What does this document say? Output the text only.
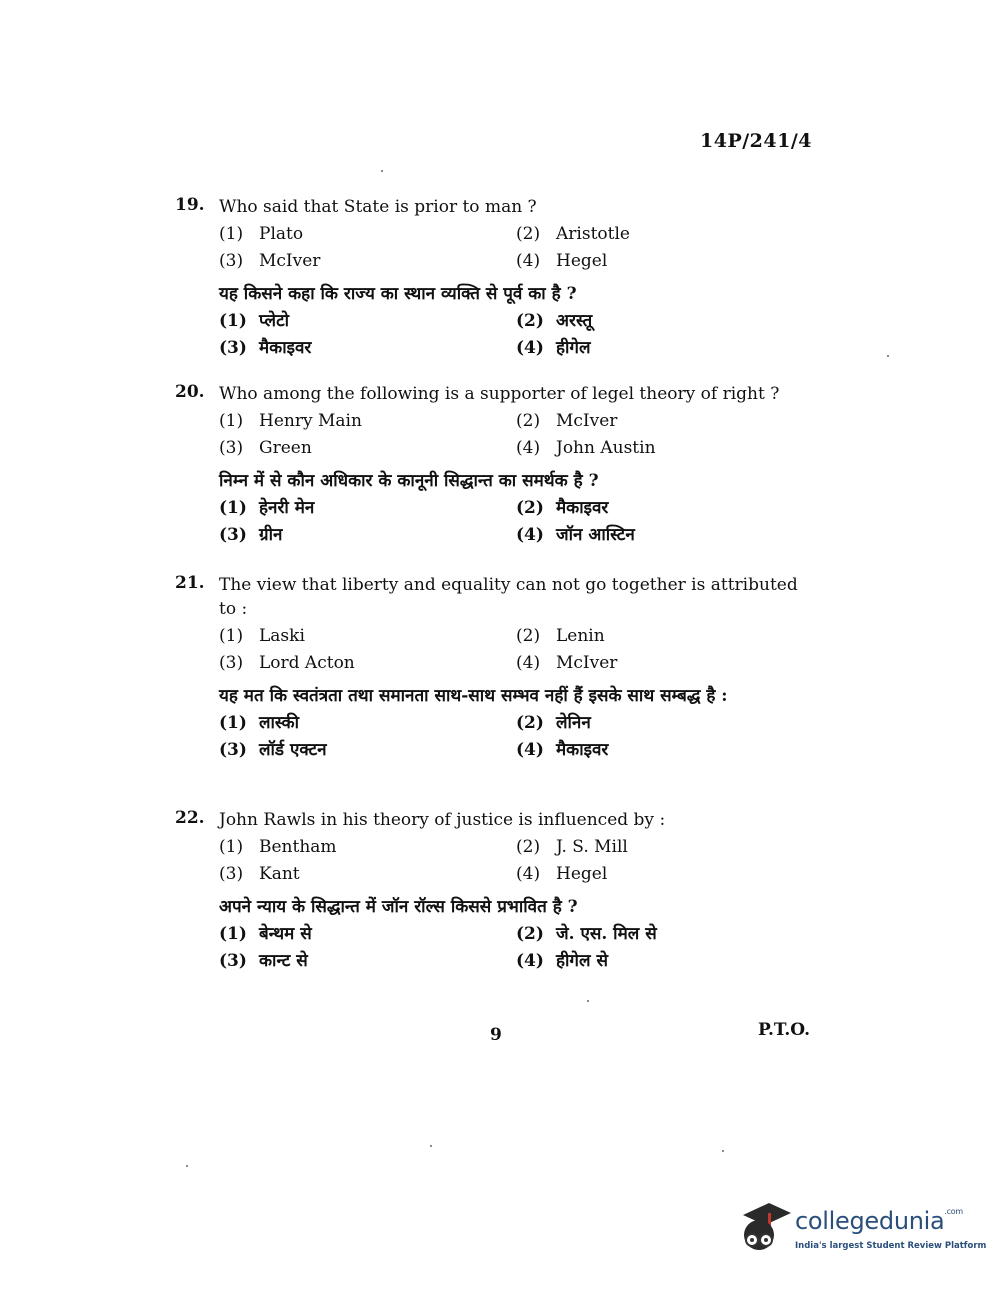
14P/241/4
19. Who said that State is prior to man ?
(1) Plato	(2) Aristotle
(3) McIver	(4) Hegel
यह किसने कहा कि राज्य का स्थान व्यक्ति से पूर्व का है ?
(1) प्लेटो	(2) अरस्तू
(3) मैकाइवर	(4) हीगेल
20. Who among the following is a supporter of legel theory of right ?
(1) Henry Main	(2) McIver
(3) Green	(4) John Austin
निम्न में से कौन अधिकार के कानूनी सिद्धान्त का समर्थक है ?
(1) हेनरी मेन	(2) मैकाइवर
(3) ग्रीन	(4) जॉन आस्टिन
21. The view that liberty and equality can not go together is attributed to :
(1) Laski	(2) Lenin
(3) Lord Acton	(4) McIver
यह मत कि स्वतंत्रता तथा समानता साथ-साथ सम्भव नहीं हैं इसके साथ सम्बद्ध है :
(1) लास्की	(2) लेनिन
(3) लॉर्ड एक्टन	(4) मैकाइवर
22. John Rawls in his theory of justice is influenced by :
(1) Bentham	(2) J. S. Mill
(3) Kant	(4) Hegel
अपने न्याय के सिद्धान्त में जॉन रॉल्स किससे प्रभावित है ?
(1) बेन्थम से	(2) जे. एस. मिल से
(3) कान्ट से	(4) हीगेल से
9	P.T.O.
collegedunia$^{.com}$
India's largest Student Review Platform
